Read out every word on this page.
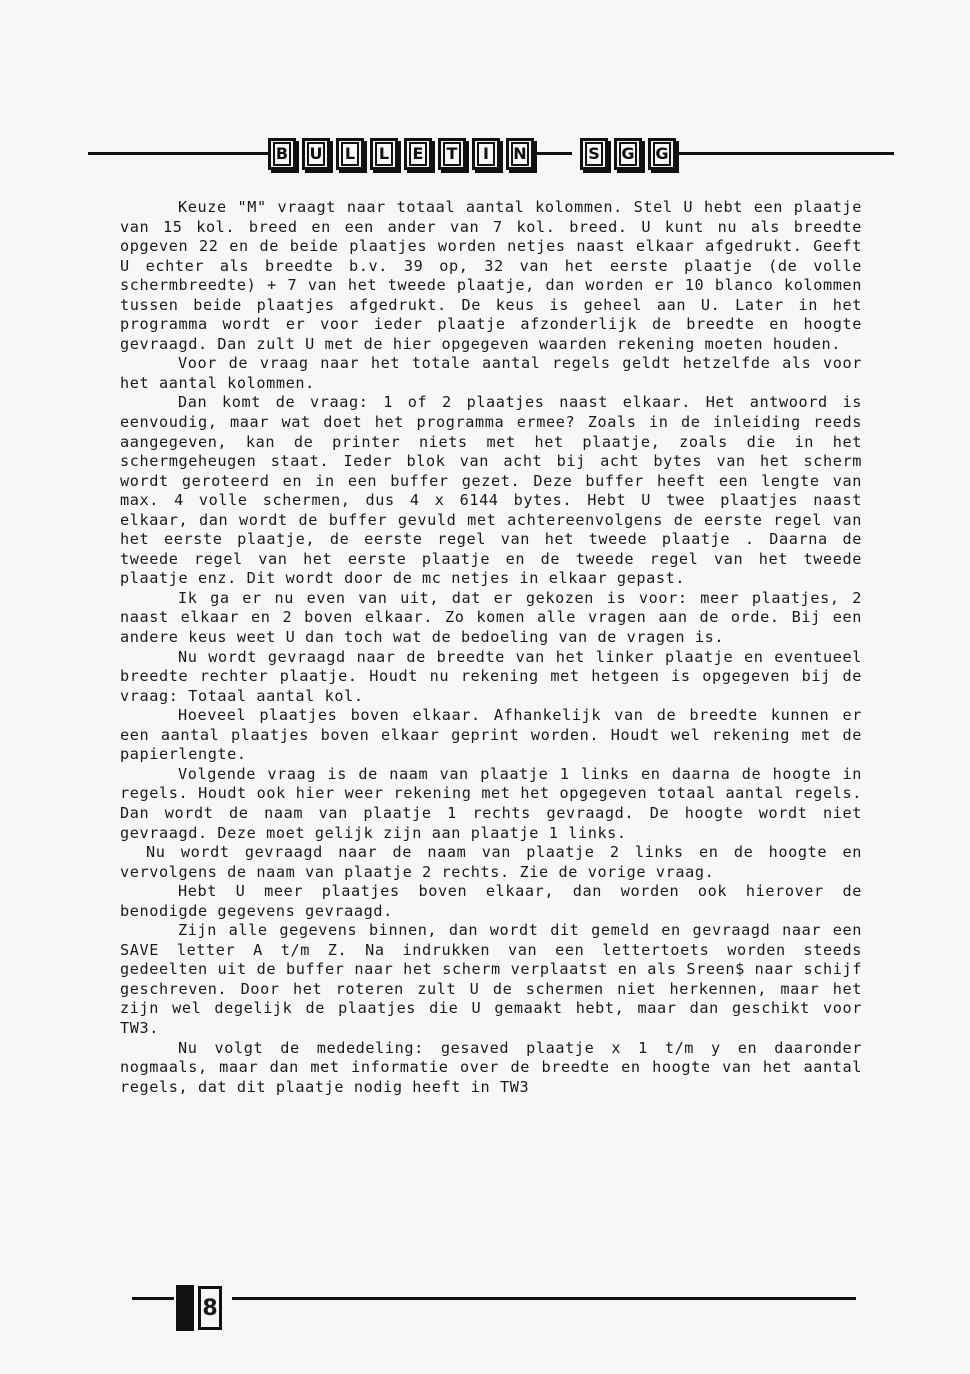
B U L L E T	I	N	S G G

Keuze "M" vraagt naar totaal aantal kolommen. Stel U hebt een plaatje van 15 kol. breed en een ander van 7 kol. breed. U kunt nu als breedte opgeven 22 en de beide plaatjes worden netjes naast elkaar afgedrukt. Geeft U echter als breedte b.v. 39 op, 32 van het eerste plaatje (de volle schermbreedte) + 7 van het tweede plaatje, dan worden er 10 blanco kolommen tussen beide plaatjes afgedrukt. De keus is geheel aan U. Later in het programma wordt er voor ieder plaatje afzonderlijk de breedte en hoogte gevraagd. Dan zult U met de hier opgegeven waarden rekening moeten houden.

Voor de vraag naar het totale aantal regels geldt hetzelfde als voor het aantal kolommen.

Dan komt de vraag: 1 of 2 plaatjes naast elkaar. Het antwoord is eenvoudig, maar wat doet het programma ermee? Zoals in de inleiding reeds aangegeven, kan de printer niets met het plaatje, zoals die in het schermgeheugen staat. Ieder blok van acht bij acht bytes van het scherm wordt geroteerd en in een buffer gezet. Deze buffer heeft een lengte van max. 4 volle schermen, dus 4 x 6144 bytes. Hebt U twee plaatjes naast elkaar, dan wordt de buffer gevuld met achtereenvolgens de eerste regel van het eerste plaatje, de eerste regel van het tweede plaatje . Daarna de tweede regel van het eerste plaatje en de tweede regel van het tweede plaatje enz. Dit wordt door de mc netjes in elkaar gepast.

Ik ga er nu even van uit, dat er gekozen is voor: meer plaatjes, 2 naast elkaar en 2 boven elkaar. Zo komen alle vragen aan de orde. Bij een andere keus weet U dan toch wat de bedoeling van de vragen is.

Nu wordt gevraagd naar de breedte van het linker plaatje en eventueel breedte rechter plaatje. Houdt nu rekening met hetgeen is opgegeven bij de vraag: Totaal aantal kol.

Hoeveel plaatjes boven elkaar. Afhankelijk van de breedte kunnen er een aantal plaatjes boven elkaar geprint worden. Houdt wel rekening met de papierlengte.

Volgende vraag is de naam van plaatje 1 links en daarna de hoogte in regels. Houdt ook hier weer rekening met het opgegeven totaal aantal regels. Dan wordt de naam van plaatje 1 rechts gevraagd. De hoogte wordt niet gevraagd. Deze moet gelijk zijn aan plaatje 1 links.

Nu wordt gevraagd naar de naam van plaatje 2 links en de hoogte en vervolgens de naam van plaatje 2 rechts. Zie de vorige vraag.

Hebt U meer plaatjes boven elkaar, dan worden ook hierover de benodigde gegevens gevraagd.

Zijn alle gegevens binnen, dan wordt dit gemeld en gevraagd naar een SAVE letter A t/m Z. Na indrukken van een lettertoets worden steeds gedeelten uit de buffer naar het scherm verplaatst en als Sreen$ naar schijf geschreven. Door het roteren zult U de schermen niet herkennen, maar het zijn wel degelijk de plaatjes die U gemaakt hebt, maar dan geschikt voor TW3.

Nu volgt de mededeling: gesaved plaatje x 1 t/m y en daaronder nogmaals, maar dan met informatie over de breedte en hoogte van het aantal regels, dat dit plaatje nodig heeft in TW3

8
